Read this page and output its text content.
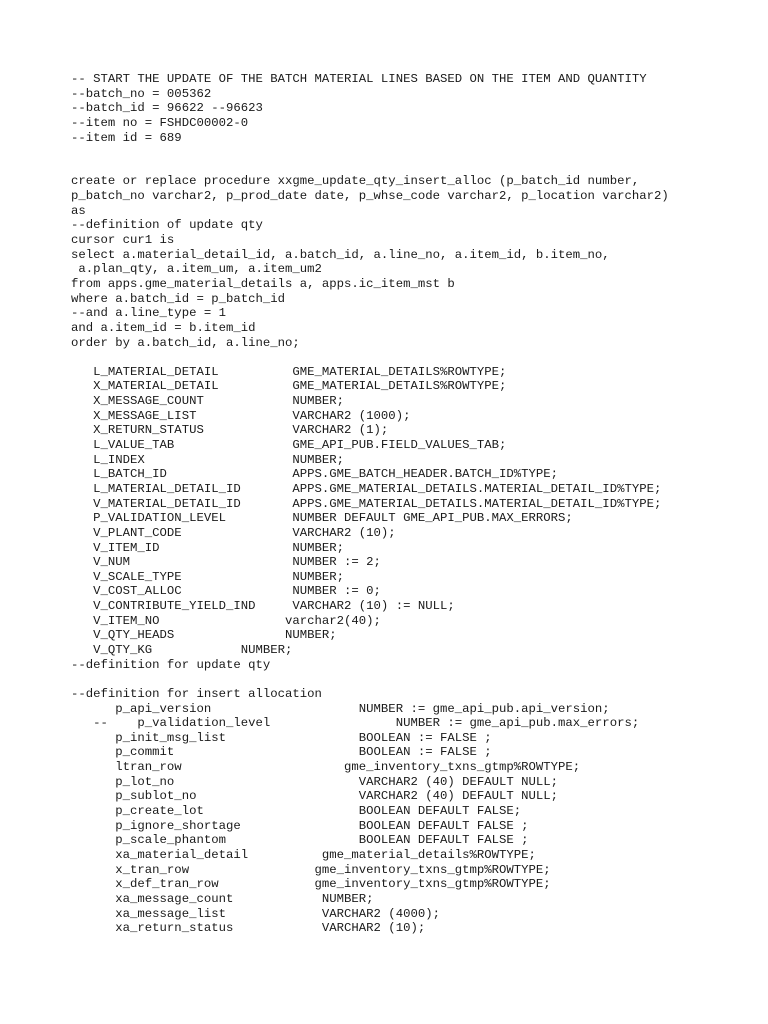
-- START THE UPDATE OF THE BATCH MATERIAL LINES BASED ON THE ITEM AND QUANTITY
--batch_no = 005362
--batch_id = 96622 --96623
--item no = FSHDC00002-0
--item id = 689
create or replace procedure xxgme_update_qty_insert_alloc (p_batch_id number,
p_batch_no varchar2, p_prod_date date, p_whse_code varchar2, p_location varchar2)
as
--definition of update qty
cursor cur1 is
select a.material_detail_id, a.batch_id, a.line_no, a.item_id, b.item_no,
a.plan_qty, a.item_um, a.item_um2
from apps.gme_material_details a, apps.ic_item_mst b
where a.batch_id = p_batch_id
--and a.line_type = 1
and a.item_id = b.item_id
order by a.batch_id, a.line_no;
L_MATERIAL_DETAIL          GME_MATERIAL_DETAILS%ROWTYPE;
X_MATERIAL_DETAIL          GME_MATERIAL_DETAILS%ROWTYPE;
X_MESSAGE_COUNT            NUMBER;
X_MESSAGE_LIST             VARCHAR2 (1000);
X_RETURN_STATUS            VARCHAR2 (1);
L_VALUE_TAB                GME_API_PUB.FIELD_VALUES_TAB;
L_INDEX                    NUMBER;
L_BATCH_ID                 APPS.GME_BATCH_HEADER.BATCH_ID%TYPE;
L_MATERIAL_DETAIL_ID       APPS.GME_MATERIAL_DETAILS.MATERIAL_DETAIL_ID%TYPE;
V_MATERIAL_DETAIL_ID       APPS.GME_MATERIAL_DETAILS.MATERIAL_DETAIL_ID%TYPE;
P_VALIDATION_LEVEL         NUMBER DEFAULT GME_API_PUB.MAX_ERRORS;
V_PLANT_CODE               VARCHAR2 (10);
V_ITEM_ID                  NUMBER;
V_NUM                      NUMBER := 2;
V_SCALE_TYPE               NUMBER;
V_COST_ALLOC               NUMBER := 0;
V_CONTRIBUTE_YIELD_IND     VARCHAR2 (10) := NULL;
V_ITEM_NO                 varchar2(40);
V_QTY_HEADS               NUMBER;
V_QTY_KG            NUMBER;
--definition for update qty
--definition for insert allocation
p_api_version                    NUMBER := gme_api_pub.api_version;
--    p_validation_level                 NUMBER := gme_api_pub.max_errors;
p_init_msg_list                  BOOLEAN := FALSE ;
p_commit                         BOOLEAN := FALSE ;
ltran_row                      gme_inventory_txns_gtmp%ROWTYPE;
p_lot_no                         VARCHAR2 (40) DEFAULT NULL;
p_sublot_no                      VARCHAR2 (40) DEFAULT NULL;
p_create_lot                     BOOLEAN DEFAULT FALSE;
p_ignore_shortage                BOOLEAN DEFAULT FALSE ;
p_scale_phantom                  BOOLEAN DEFAULT FALSE ;
xa_material_detail          gme_material_details%ROWTYPE;
x_tran_row                 gme_inventory_txns_gtmp%ROWTYPE;
x_def_tran_row             gme_inventory_txns_gtmp%ROWTYPE;
xa_message_count            NUMBER;
xa_message_list             VARCHAR2 (4000);
xa_return_status            VARCHAR2 (10);
